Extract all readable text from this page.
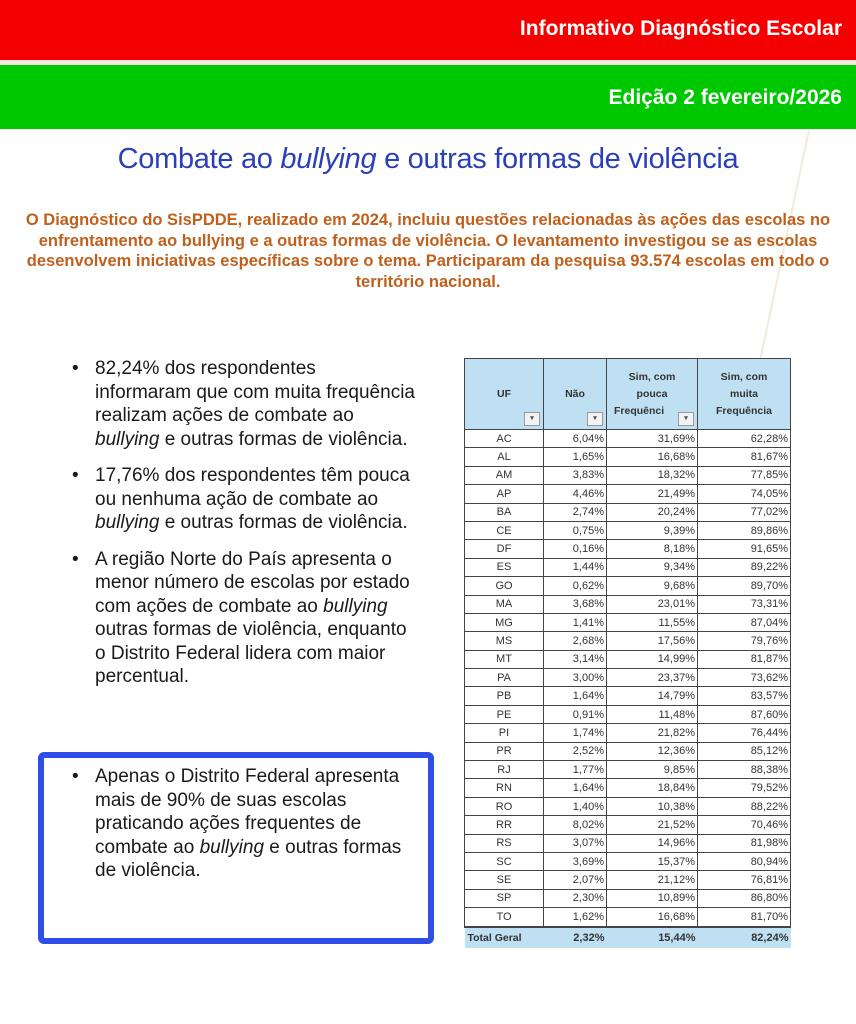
Informativo Diagnóstico Escolar
Edição 2 fevereiro/2026
Combate ao bullying e outras formas de violência
O Diagnóstico do SisPDDE, realizado em 2024, incluiu questões relacionadas às ações das escolas no enfrentamento ao bullying e a outras formas de violência. O levantamento investigou se as escolas desenvolvem iniciativas específicas sobre o tema. Participaram da pesquisa 93.574 escolas em todo o território nacional.
• 82,24% dos respondentes informaram que com muita frequência realizam ações de combate ao bullying e outras formas de violência.
• 17,76% dos respondentes têm pouca ou nenhuma ação de combate ao bullying e outras formas de violência.
• A região Norte do País apresenta o menor número de escolas por estado com ações de combate ao bullying outras formas de violência, enquanto o Distrito Federal lidera com maior percentual.
• Apenas o Distrito Federal apresenta mais de 90% de suas escolas praticando ações frequentes de combate ao bullying e outras formas de violência.
UF
▾	Não
▾	Sim, com
pouca
Frequênci
▾	Sim, com
muita
Frequência

AC	6,04%	31,69%	62,28%
AL	1,65%	16,68%	81,67%
AM	3,83%	18,32%	77,85%
AP	4,46%	21,49%	74,05%
BA	2,74%	20,24%	77,02%
CE	0,75%	9,39%	89,86%
DF	0,16%	8,18%	91,65%
ES	1,44%	9,34%	89,22%
GO	0,62%	9,68%	89,70%
MA	3,68%	23,01%	73,31%
MG	1,41%	11,55%	87,04%
MS	2,68%	17,56%	79,76%
MT	3,14%	14,99%	81,87%
PA	3,00%	23,37%	73,62%
PB	1,64%	14,79%	83,57%
PE	0,91%	11,48%	87,60%
PI	1,74%	21,82%	76,44%
PR	2,52%	12,36%	85,12%
RJ	1,77%	9,85%	88,38%
RN	1,64%	18,84%	79,52%
RO	1,40%	10,38%	88,22%
RR	8,02%	21,52%	70,46%
RS	3,07%	14,96%	81,98%
SC	3,69%	15,37%	80,94%
SE	2,07%	21,12%	76,81%
SP	2,30%	10,89%	86,80%
TO	1,62%	16,68%	81,70%
Total Geral	2,32%	15,44%	82,24%
